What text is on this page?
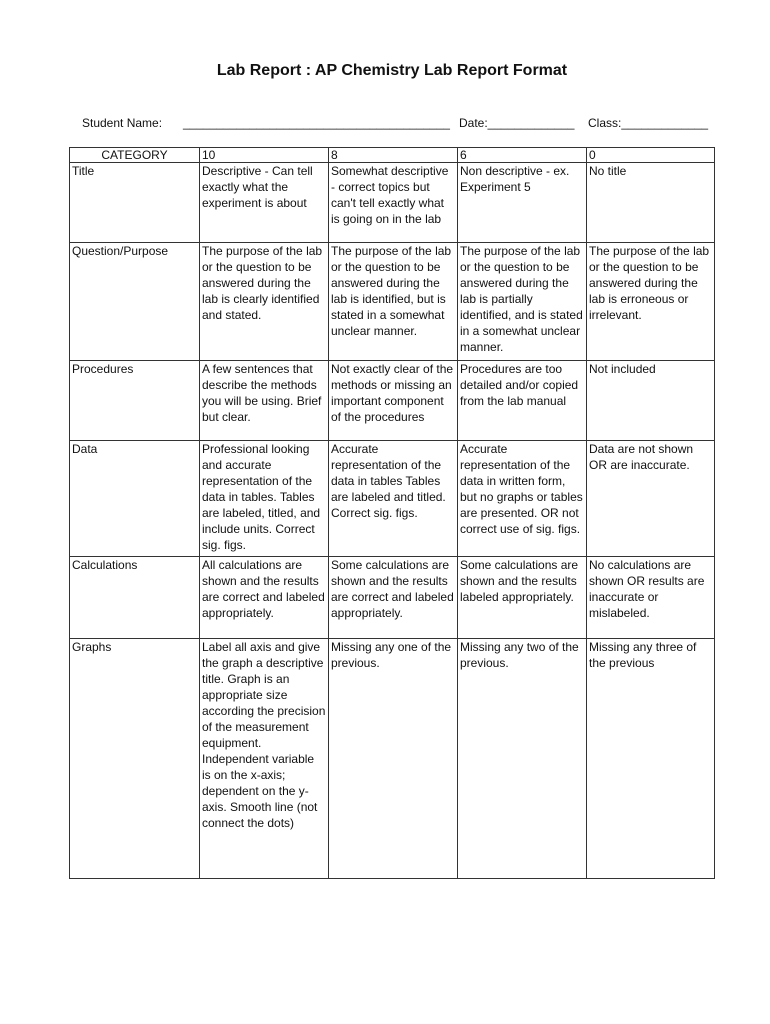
Lab Report : AP Chemistry Lab Report Format
Student Name: ________________________________________ Date:_____________ Class:_____________
CATEGORY	10	8	6	0
Title	Descriptive - Can tell exactly what the experiment is about	Somewhat descriptive - correct topics but can't tell exactly what is going on in the lab	Non descriptive - ex. Experiment 5	No title
Question/Purpose	The purpose of the lab or the question to be answered during the lab is clearly identified and stated.	The purpose of the lab or the question to be answered during the lab is identified, but is stated in a somewhat unclear manner.	The purpose of the lab or the question to be answered during the lab is partially identified, and is stated in a somewhat unclear manner.	The purpose of the lab or the question to be answered during the lab is erroneous or irrelevant.
Procedures	A few sentences that describe the methods you will be using. Brief but clear.	Not exactly clear of the methods or missing an important component of the procedures	Procedures are too detailed and/or copied from the lab manual	Not included
Data	Professional looking and accurate representation of the data in tables. Tables are labeled, titled, and include units. Correct sig. figs.	Accurate representation of the data in tables Tables are labeled and titled. Correct sig. figs.	Accurate representation of the data in written form, but no graphs or tables are presented. OR not correct use of sig. figs.	Data are not shown OR are inaccurate.
Calculations	All calculations are shown and the results are correct and labeled appropriately.	Some calculations are shown and the results are correct and labeled appropriately.	Some calculations are shown and the results labeled appropriately.	No calculations are shown OR results are inaccurate or mislabeled.
Graphs	Label all axis and give the graph a descriptive title. Graph is an appropriate size according the precision of the measurement equipment. Independent variable is on the x-axis; dependent on the y-axis. Smooth line (not connect the dots)	Missing any one of the previous.	Missing any two of the previous.	Missing any three of the previous
